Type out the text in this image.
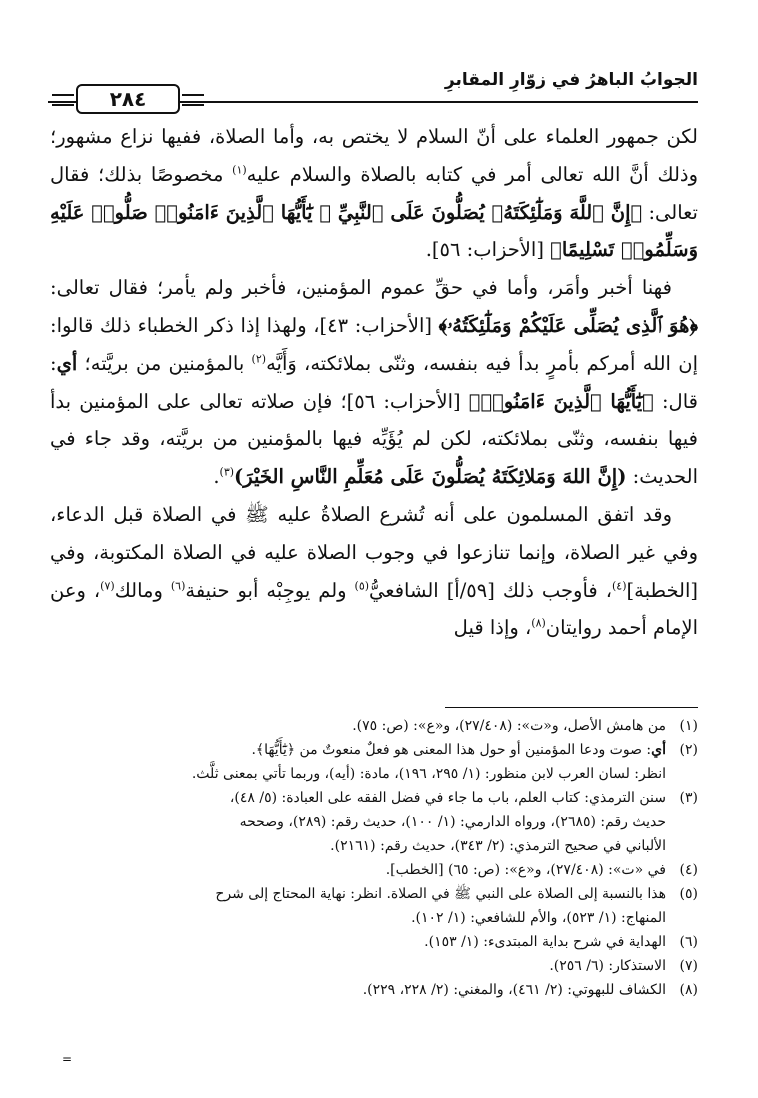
الجوابُ الباهرُ في زوّارِ المقابرِ
٢٨٤

لكن جمهور العلماء على أنّ السلام لا يختص به، وأما الصلاة، ففيها نزاع مشهور؛ وذلك أنَّ الله تعالى أمر في كتابه بالصلاة والسلام عليه$^{(١)}$ مخصوصًا بذلك؛ فقال تعالى: ﴿إِنَّ ٱللَّهَ وَمَلَٰٓئِكَتَهُۥ يُصَلُّونَ عَلَى ٱلنَّبِيِّ ۚ يَٰٓأَيُّهَا ٱلَّذِينَ ءَامَنُوا۟ صَلُّوا۟ عَلَيْهِ وَسَلِّمُوا۟ تَسْلِيمًا﴾ [الأحزاب: ٥٦].

فهنا أخبر وأمَر، وأما في حقِّ عموم المؤمنين، فأخبر ولم يأمر؛ فقال تعالى: ﴿هُوَ ٱلَّذِى يُصَلِّى عَلَيْكُمْ وَمَلَٰٓئِكَتُهُۥ﴾ [الأحزاب: ٤٣]، ولهذا إذا ذكر الخطباء ذلك قالوا: إن الله أمركم بأمرٍ بدأ فيه بنفسه، وثنّى بملائكته، وَأَيَّه$^{(٢)}$ بالمؤمنين من بريَّته؛ أي: قال: ﴿يَٰٓأَيُّهَا ٱلَّذِينَ ءَامَنُوا۟﴾ [الأحزاب: ٥٦]؛ فإن صلاته تعالى على المؤمنين بدأ فيها بنفسه، وثنّى بملائكته، لكن لم يُؤَيِّه فيها بالمؤمنين من بريَّته، وقد جاء في الحديث: (إِنَّ اللهَ وَمَلائِكَتَهُ يُصَلُّونَ عَلَى مُعَلِّمِ النَّاسِ الخَيْرَ)$^{(٣)}$.

وقد اتفق المسلمون على أنه تُشرع الصلاةُ عليه ﷺ في الصلاة قبل الدعاء، وفي غير الصلاة، وإنما تنازعوا في وجوب الصلاة عليه في الصلاة المكتوبة، وفي [الخطبة]$^{(٤)}$، فأوجب ذلك [٥٩/أ] الشافعيُّ$^{(٥)}$ ولم يوجِبْه أبو حنيفة$^{(٦)}$ ومالك$^{(٧)}$، وعن الإمام أحمد روايتان$^{(٨)}$، وإذا قيل

(١)
من هامش الأصل، و«ت»: (٢٧/٤٠٨)، و«ع»: (ص: ٧٥).
(٢)
أي: صوت ودعا المؤمنين أو حول هذا المعنى هو فعلٌ منعوتٌ من ﴿يَٰٓأَيُّهَا﴾.
انظر: لسان العرب لابن منظور: (١/ ٢٩٥، ١٩٦)، مادة: (أيه)، وربما تأتي بمعنى ثلَّث.
(٣)
سنن الترمذي: كتاب العلم، باب ما جاء في فضل الفقه على العبادة: (٥/ ٤٨)،
حديث رقم: (٢٦٨٥)، ورواه الدارمي: (١/ ١٠٠)، حديث رقم: (٢٨٩)، وصححه
الألباني في صحيح الترمذي: (٢/ ٣٤٣)، حديث رقم: (٢١٦١).
(٤)
في «ت»: (٢٧/٤٠٨)، و«ع»: (ص: ٦٥) [الخطب].
(٥)
هذا بالنسبة إلى الصلاة على النبي ﷺ في الصلاة. انظر: نهاية المحتاج إلى شرح
المنهاج: (١/ ٥٢٣)، والأم للشافعي: (١/ ١٠٢).
(٦)
الهداية في شرح بداية المبتدىء: (١/ ١٥٣).
(٧)
الاستذكار: (٦/ ٢٥٦).
(٨)
الكشاف للبهوتي: (٢/ ٤٦١)، والمغني: (٢/ ٢٢٨، ٢٢٩).
=
